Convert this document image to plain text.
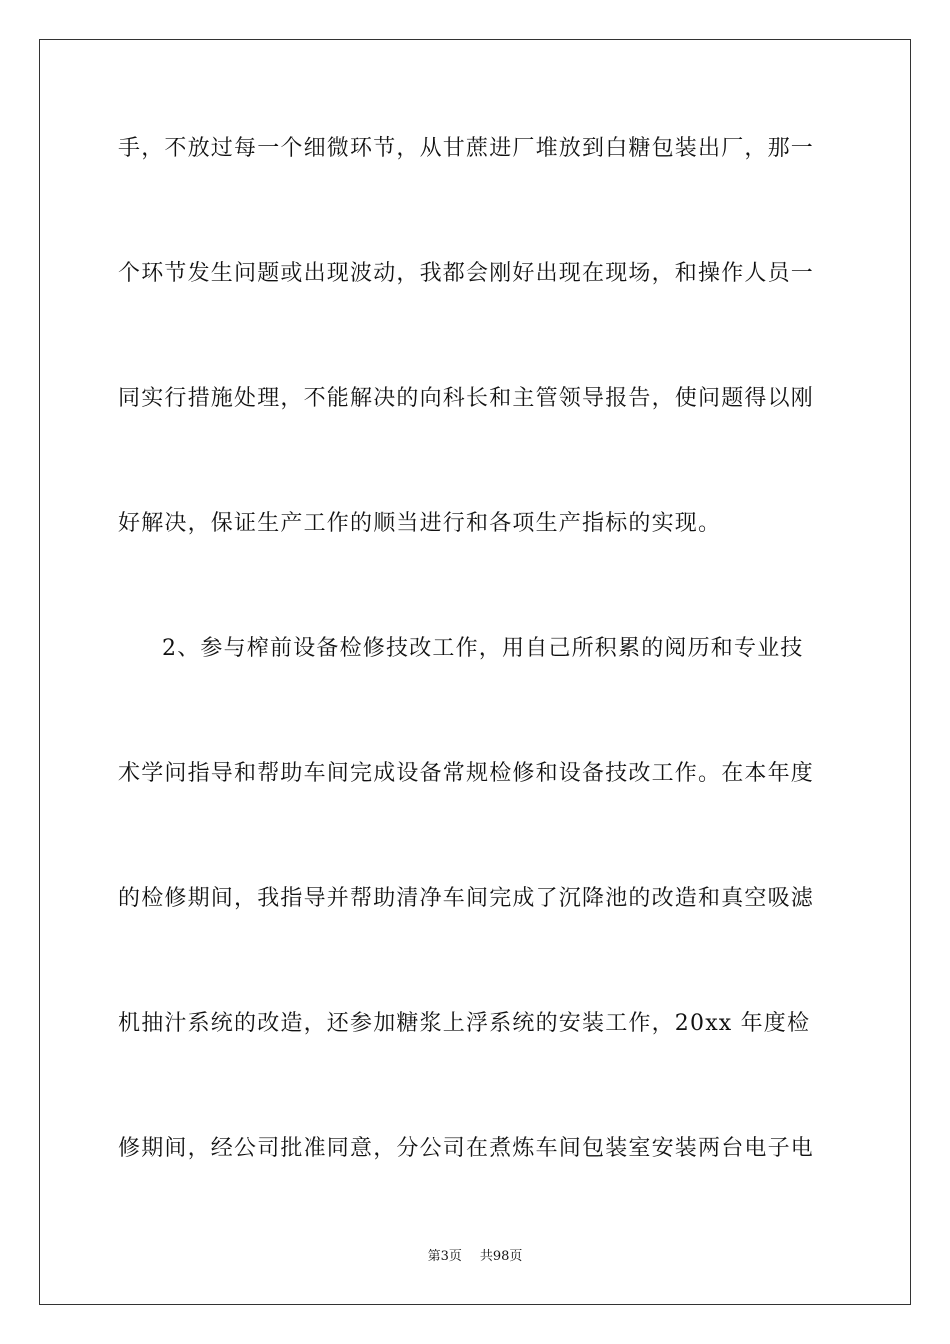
手，不放过每一个细微环节，从甘蔗进厂堆放到白糖包装出厂，那一
个环节发生问题或出现波动，我都会刚好出现在现场，和操作人员一
同实行措施处理，不能解决的向科长和主管领导报告，使问题得以刚
好解决，保证生产工作的顺当进行和各项生产指标的实现。
2、参与榨前设备检修技改工作，用自己所积累的阅历和专业技
术学问指导和帮助车间完成设备常规检修和设备技改工作。在本年度
的检修期间，我指导并帮助清净车间完成了沉降池的改造和真空吸滤
机抽汁系统的改造，还参加糖浆上浮系统的安装工作，20xx 年度检
修期间，经公司批准同意，分公司在煮炼车间包装室安装两台电子电
第3页 共98页
